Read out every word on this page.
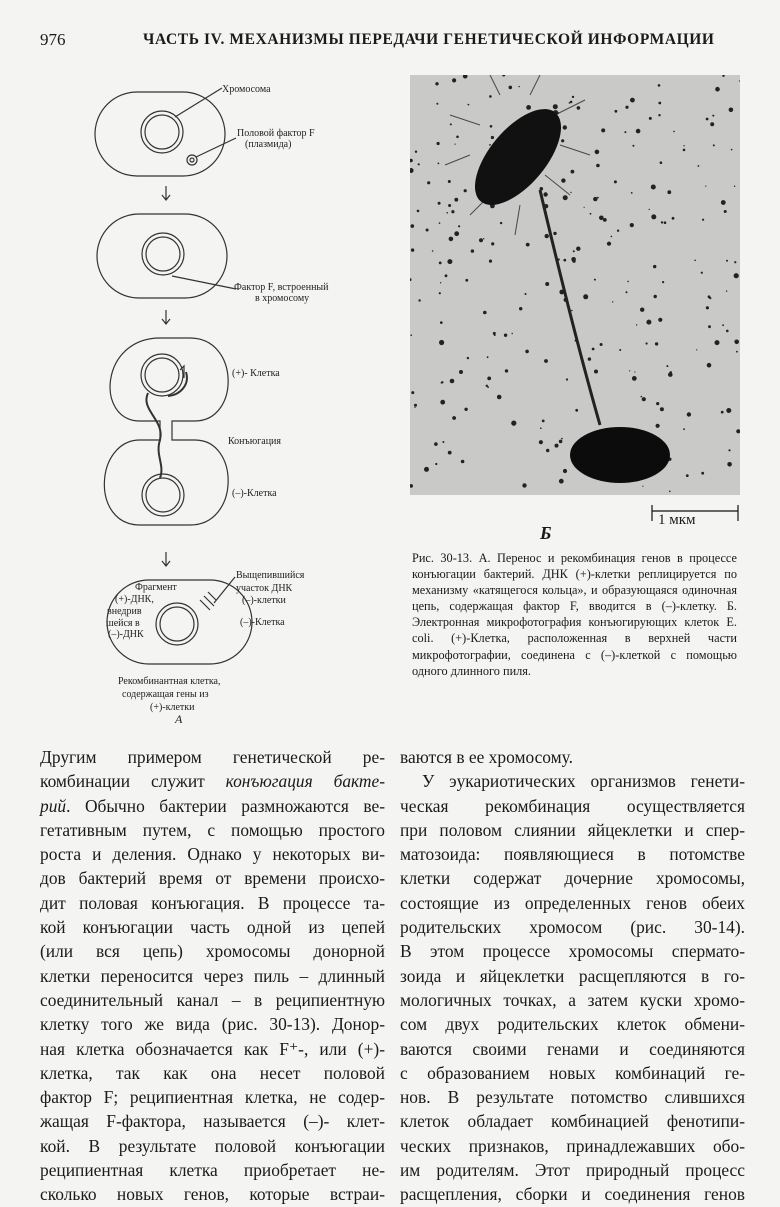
976	ЧАСТЬ IV. МЕХАНИЗМЫ ПЕРЕДАЧИ ГЕНЕТИЧЕСКОЙ ИНФОРМАЦИИ
Хромосома
Половой фактор F
(плазмида)
Фактор F, встроенный
в хромосому
(+)- Клетка
Конъюгация
(–)-Клетка
Фрагмент
(+)-ДНК,
внедрив
шейся в
(–)-ДНК
Выщепившийся
участок ДНК
(–)-клетки
(–)-Клетка
Рекомбинантная клетка,
содержащая гены из
(+)-клетки
А
Б
1 мкм
Рис. 30-13. А. Перенос и рекомбинация генов в процессе конъюгации бактерий. ДНК (+)-клетки реплицируется по механизму «катящегося кольца», и образующаяся одиночная цепь, содержащая фактор F, вводится в (–)-клетку. Б. Электронная микрофотография конъюгирующих клеток E. coli. (+)-Клетка, расположенная в верхней части микрофотографии, соединена с (–)-клеткой с помощью одного длинного пиля.
Другим примером генетической ре-
комбинации служит конъюгация бакте-
рий. Обычно бактерии размножаются ве-
гетативным путем, с помощью простого
роста и деления. Однако у некоторых ви-
дов бактерий время от времени происхо-
дит половая конъюгация. В процессе та-
кой конъюгации часть одной из цепей
(или вся цепь) хромосомы донорной
клетки переносится через пиль – длинный
соединительный канал – в реципиентную
клетку того же вида (рис. 30-13). Донор-
ная клетка обозначается как F⁺-, или (+)-
клетка, так как она несет половой
фактор F; реципиентная клетка, не содер-
жащая F-фактора, называется (–)- клет-
кой. В результате половой конъюгации
реципиентная клетка приобретает не-
сколько новых генов, которые встраи-
ваются в ее хромосому.
У эукариотических организмов генети-
ческая рекомбинация осуществляется
при половом слиянии яйцеклетки и спер-
матозоида: появляющиеся в потомстве
клетки содержат дочерние хромосомы,
состоящие из определенных генов обеих
родительских хромосом (рис. 30-14).
В этом процессе хромосомы спермато-
зоида и яйцеклетки расщепляются в го-
мологичных точках, а затем куски хромо-
сом двух родительских клеток обмени-
ваются своими генами и соединяются
с образованием новых комбинаций ге-
нов. В результате потомство слившихся
клеток обладает комбинацией фенотипи-
ческих признаков, принадлежавших обо-
им родителям. Этот природный процесс
расщепления, сборки и соединения генов
